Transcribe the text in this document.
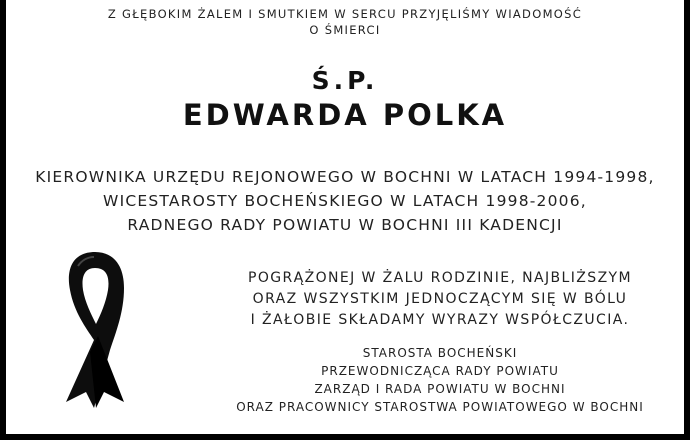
Z GŁĘBOKIM ŻALEM I SMUTKIEM W SERCU PRZYJĘLIŚMY WIADOMOŚĆ
O ŚMIERCI
Ś.P.
EDWARDA POLKA
KIEROWNIKA URZĘDU REJONOWEGO W BOCHNI W LATACH 1994-1998,
WICESTAROSTY BOCHEŃSKIEGO W LATACH 1998-2006,
RADNEGO RADY POWIATU W BOCHNI III KADENCJI
POGRĄŻONEJ W ŻALU RODZINIE, NAJBLIŻSZYM
ORAZ WSZYSTKIM JEDNOCZĄCYM SIĘ W BÓLU
I ŻAŁOBIE SKŁADAMY WYRAZY WSPÓŁCZUCIA.
STAROSTA BOCHEŃSKI
PRZEWODNICZĄCA RADY POWIATU
ZARZĄD I RADA POWIATU W BOCHNI
ORAZ PRACOWNICY STAROSTWA POWIATOWEGO W BOCHNI
